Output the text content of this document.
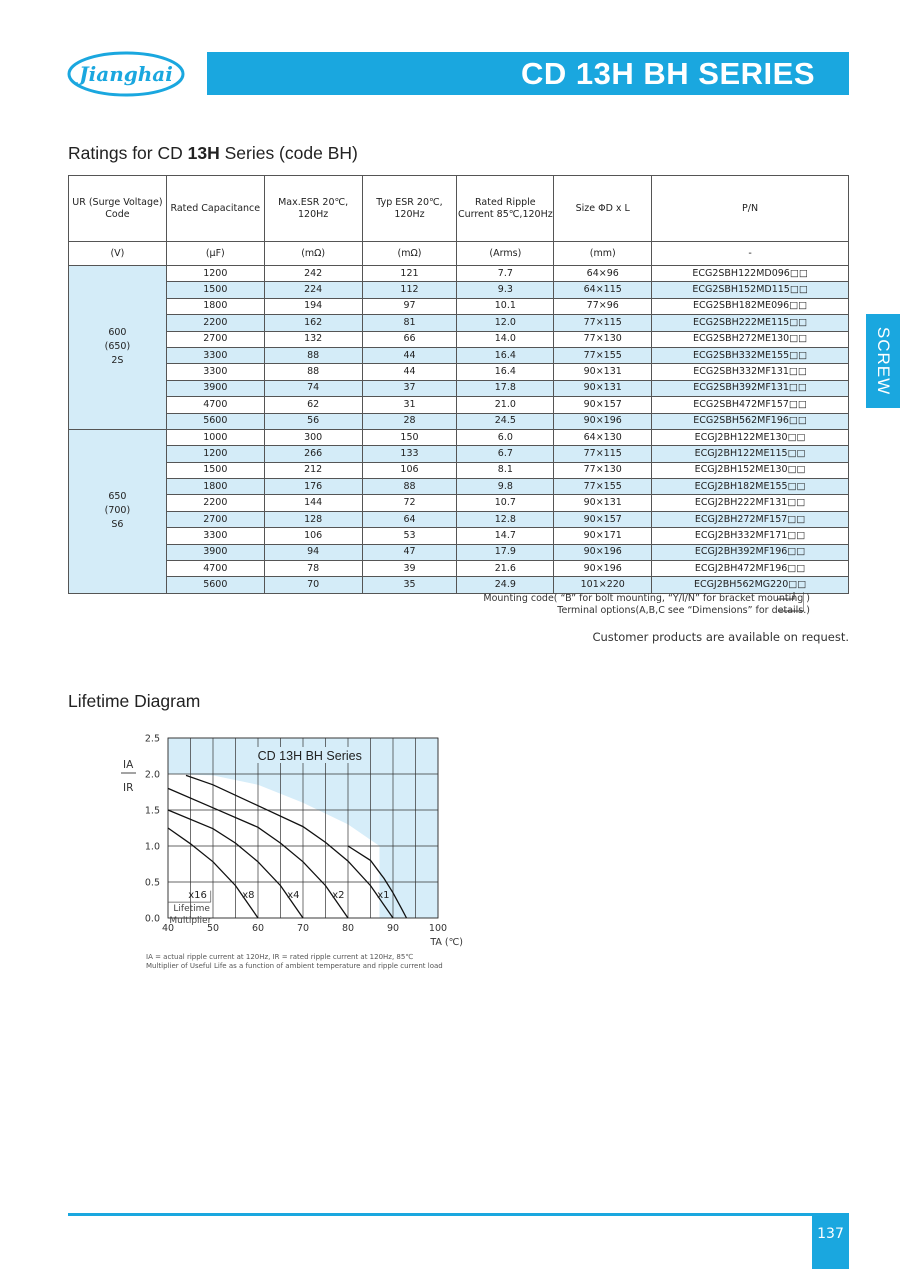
Jianghai	CD 13H BH SERIES
SCREW
Ratings for CD 13H Series (code BH)
UR (Surge Voltage) Code	Rated Capacitance	Max.ESR 20℃, 120Hz	Typ ESR 20℃, 120Hz	Rated Ripple Current 85℃,120Hz	Size ΦD x L	P/N
(V)	(μF)	(mΩ)	(mΩ)	(Arms)	(mm)	-

600
(650)
2S	1200	242	121	7.7	64×96	ECG2SBH122MD096□□
	1500	224	112	9.3	64×115	ECG2SBH152MD115□□
	1800	194	97	10.1	77×96	ECG2SBH182ME096□□
	2200	162	81	12.0	77×115	ECG2SBH222ME115□□
	2700	132	66	14.0	77×130	ECG2SBH272ME130□□
	3300	88	44	16.4	77×155	ECG2SBH332ME155□□
	3300	88	44	16.4	90×131	ECG2SBH332MF131□□
	3900	74	37	17.8	90×131	ECG2SBH392MF131□□
	4700	62	31	21.0	90×157	ECG2SBH472MF157□□
	5600	56	28	24.5	90×196	ECG2SBH562MF196□□

650
(700)
S6	1000	300	150	6.0	64×130	ECGJ2BH122ME130□□
	1200	266	133	6.7	77×115	ECGJ2BH122ME115□□
	1500	212	106	8.1	77×130	ECGJ2BH152ME130□□
	1800	176	88	9.8	77×155	ECGJ2BH182ME155□□
	2200	144	72	10.7	90×131	ECGJ2BH222MF131□□
	2700	128	64	12.8	90×157	ECGJ2BH272MF157□□
	3300	106	53	14.7	90×171	ECGJ2BH332MF171□□
	3900	94	47	17.9	90×196	ECGJ2BH392MF196□□
	4700	78	39	21.6	90×196	ECGJ2BH472MF196□□
	5600	70	35	24.9	101×220	ECGJ2BH562MG220□□
Mounting code( “B” for bolt mounting, “Y/I/N” for bracket mounting )
Terminal options(A,B,C see “Dimensions” for details.)
Customer products are available on request.
Lifetime Diagram
40	50	60	70	80	90	100
0.0
0.5
1.0
1.5
2.0
2.5
x16	x8	x4	x2	x1
Lifetime
Multiplier
CD 13H BH Series
TA (℃)
IA
IR
IA = actual ripple current at 120Hz, IR = rated ripple current at 120Hz, 85℃
Multiplier of Useful Life as a function of ambient temperature and ripple current load
137
